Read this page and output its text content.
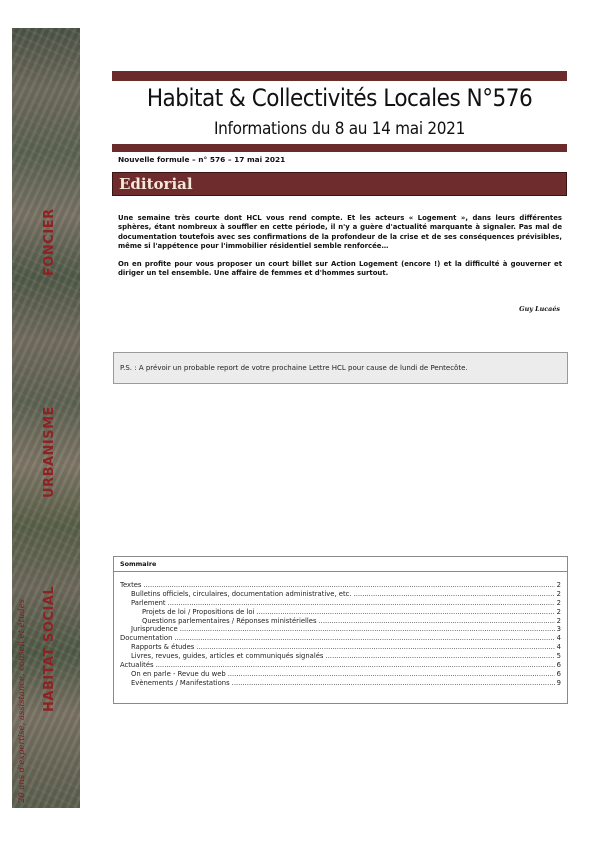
FONCIER
URBANISME
HABITAT SOCIAL
20 ans d'expertise, assistance, conseil et études
Habitat & Collectivités Locales N°576
Informations du 8 au 14 mai 2021
Nouvelle formule – n° 576 – 17 mai 2021
Editorial

Une semaine très courte dont HCL vous rend compte. Et les acteurs « Logement », dans leurs différentes sphères, étant nombreux à souffler en cette période, il n'y a guère d'actualité marquante à signaler. Pas mal de documentation toutefois avec ses confirmations de la profondeur de la crise et de ses conséquences prévisibles, même si l'appétence pour l'immobilier résidentiel semble renforcée…

On en profite pour vous proposer un court billet sur Action Logement (encore !) et la difficulté à gouverner et diriger un tel ensemble. Une affaire de femmes et d'hommes surtout.

Guy Lucaés
P.S. : A prévoir un probable report de votre prochaine Lettre HCL pour cause de lundi de Pentecôte.
Sommaire
Textes .....	2
Bulletins officiels, circulaires, documentation administrative, etc. .....	2
Parlement .....	2
Projets de loi / Propositions de loi .....	2
Questions parlementaires / Réponses ministérielles .....	2
Jurisprudence .....	3
Documentation .....	4
Rapports & études .....	4
Livres, revues, guides, articles et communiqués signalés .....	5
Actualités .....	6
On en parle - Revue du web .....	6
Evènements / Manifestations .....	9
